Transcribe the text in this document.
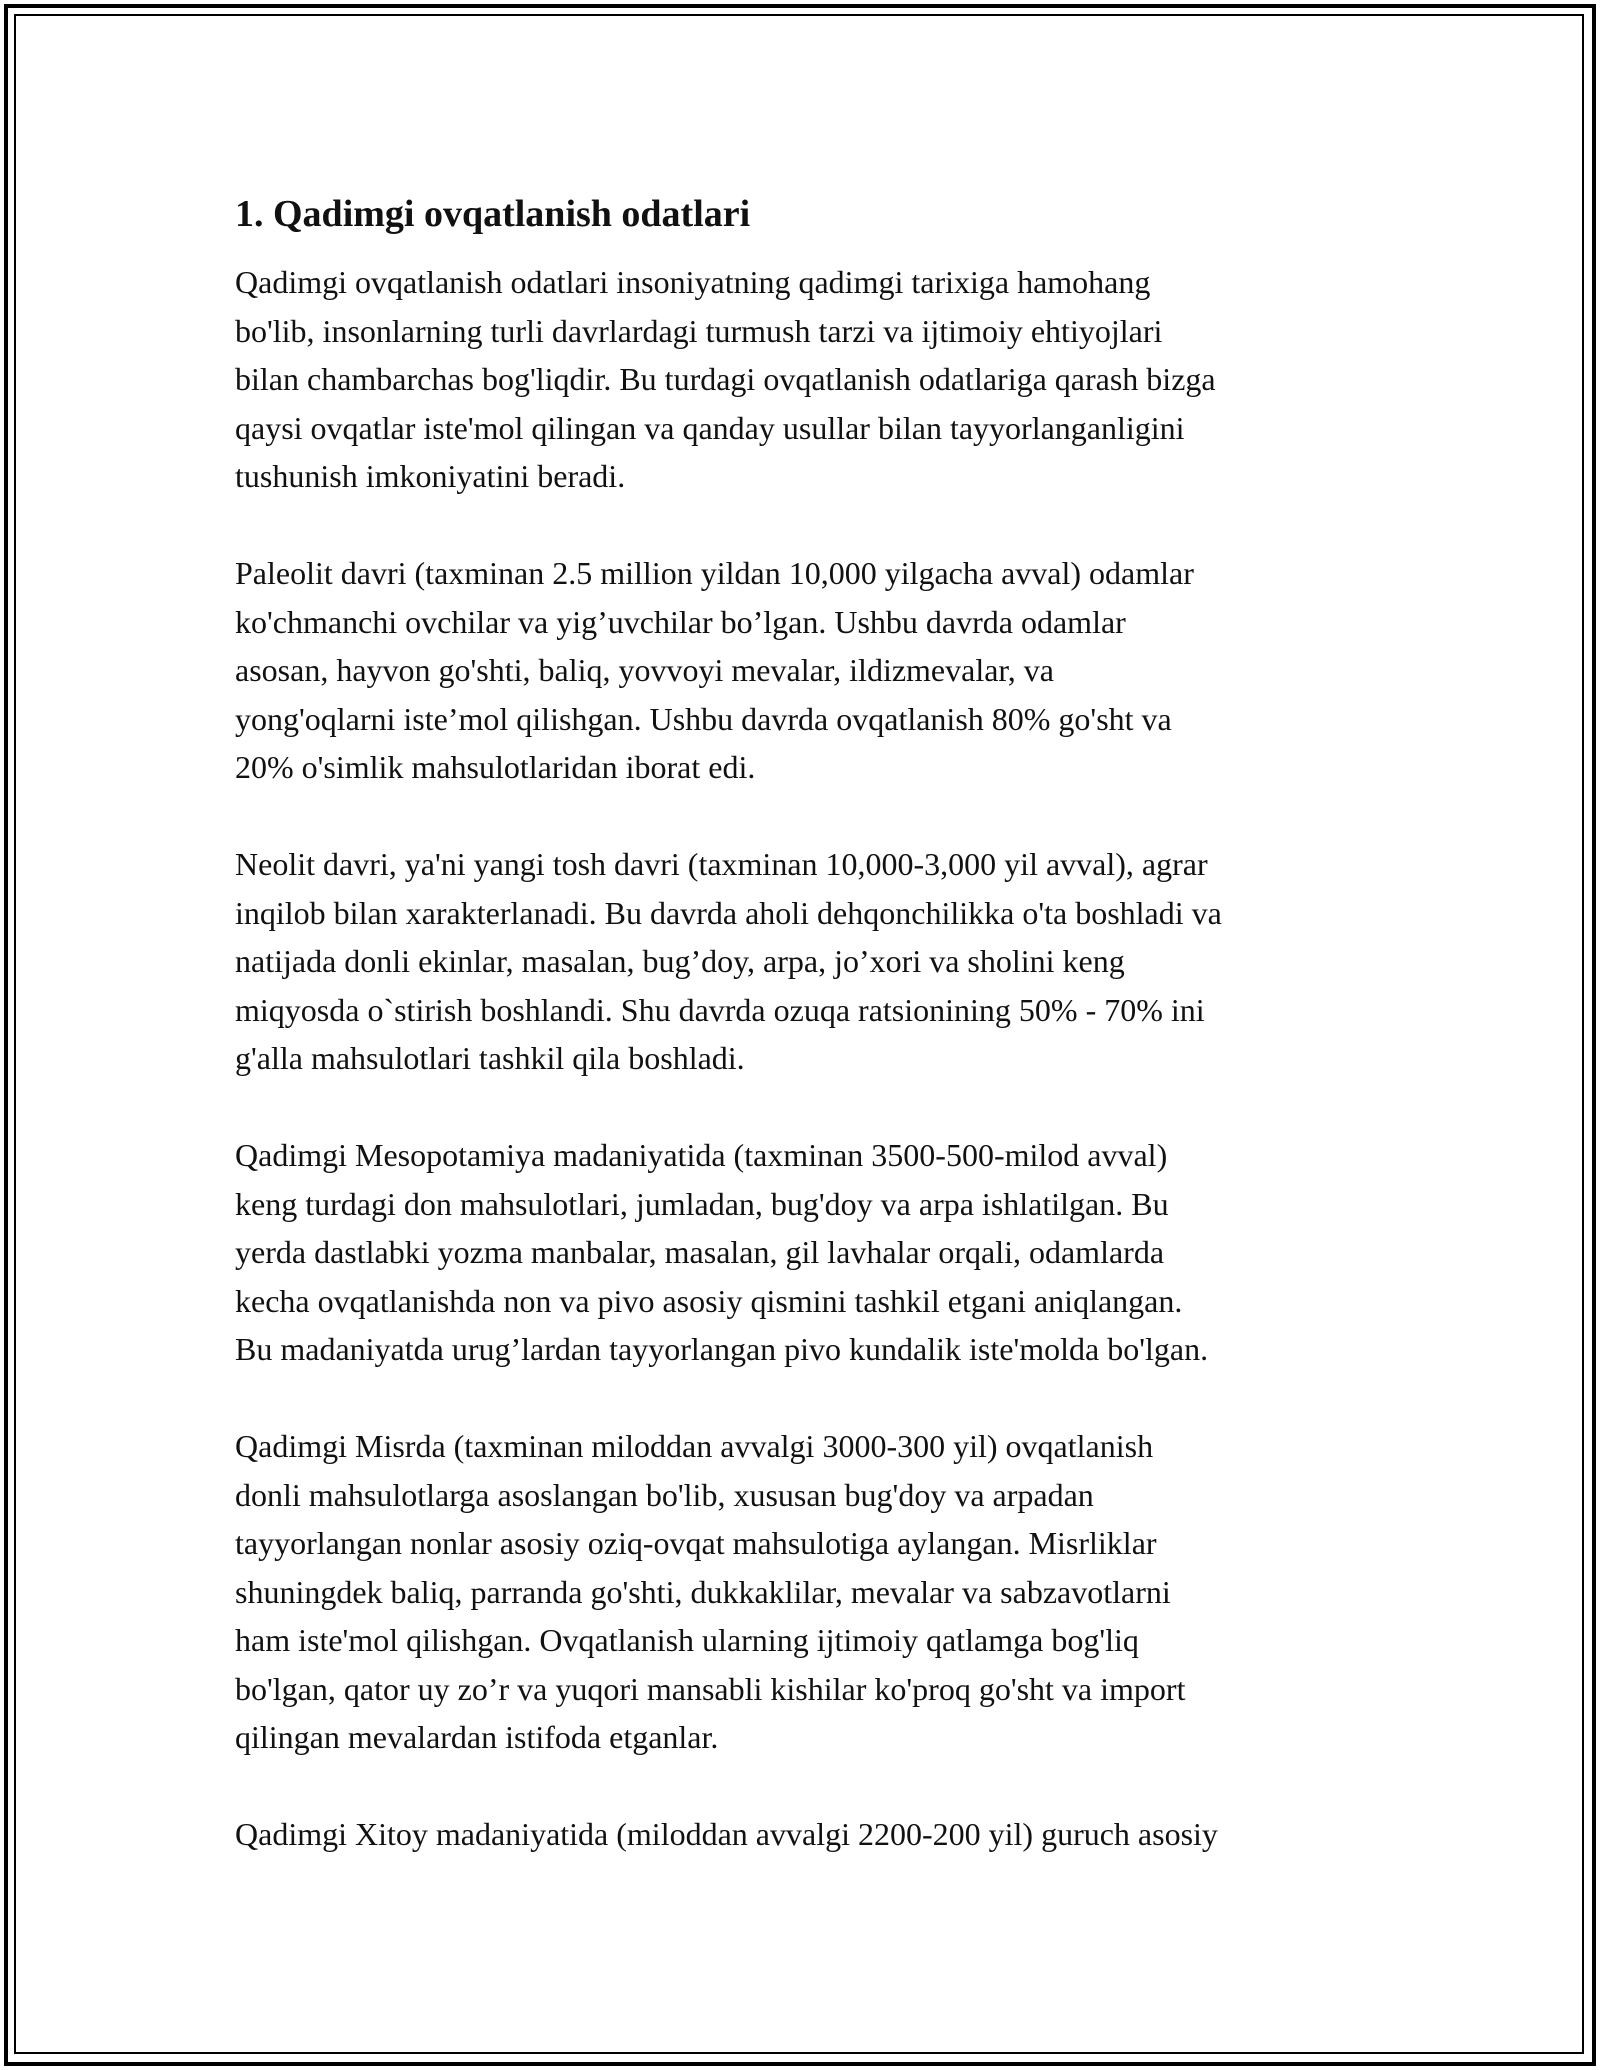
1. Qadimgi ovqatlanish odatlari

Qadimgi ovqatlanish odatlari insoniyatning qadimgi tarixiga hamohang
bo'lib, insonlarning turli davrlardagi turmush tarzi va ijtimoiy ehtiyojlari
bilan chambarchas bog'liqdir. Bu turdagi ovqatlanish odatlariga qarash bizga
qaysi ovqatlar iste'mol qilingan va qanday usullar bilan tayyorlanganligini
tushunish imkoniyatini beradi.

Paleolit davri (taxminan 2.5 million yildan 10,000 yilgacha avval) odamlar
ko'chmanchi ovchilar va yig’uvchilar bo’lgan. Ushbu davrda odamlar
asosan, hayvon go'shti, baliq, yovvoyi mevalar, ildizmevalar, va
yong'oqlarni iste’mol qilishgan. Ushbu davrda ovqatlanish 80% go'sht va
20% o'simlik mahsulotlaridan iborat edi.

Neolit davri, ya'ni yangi tosh davri (taxminan 10,000-3,000 yil avval), agrar
inqilob bilan xarakterlanadi. Bu davrda aholi dehqonchilikka o'ta boshladi va
natijada donli ekinlar, masalan, bug’doy, arpa, jo’xori va sholini keng
miqyosda o`stirish boshlandi. Shu davrda ozuqa ratsionining 50% - 70% ini
g'alla mahsulotlari tashkil qila boshladi.

Qadimgi Mesopotamiya madaniyatida (taxminan 3500-500-milod avval)
keng turdagi don mahsulotlari, jumladan, bug'doy va arpa ishlatilgan. Bu
yerda dastlabki yozma manbalar, masalan, gil lavhalar orqali, odamlarda
kecha ovqatlanishda non va pivo asosiy qismini tashkil etgani aniqlangan.
Bu madaniyatda urug’lardan tayyorlangan pivo kundalik iste'molda bo'lgan.

Qadimgi Misrda (taxminan miloddan avvalgi 3000-300 yil) ovqatlanish
donli mahsulotlarga asoslangan bo'lib, xususan bug'doy va arpadan
tayyorlangan nonlar asosiy oziq-ovqat mahsulotiga aylangan. Misrliklar
shuningdek baliq, parranda go'shti, dukkaklilar, mevalar va sabzavotlarni
ham iste'mol qilishgan. Ovqatlanish ularning ijtimoiy qatlamga bog'liq
bo'lgan, qator uy zo’r va yuqori mansabli kishilar ko'proq go'sht va import
qilingan mevalardan istifoda etganlar.

Qadimgi Xitoy madaniyatida (miloddan avvalgi 2200-200 yil) guruch asosiy
